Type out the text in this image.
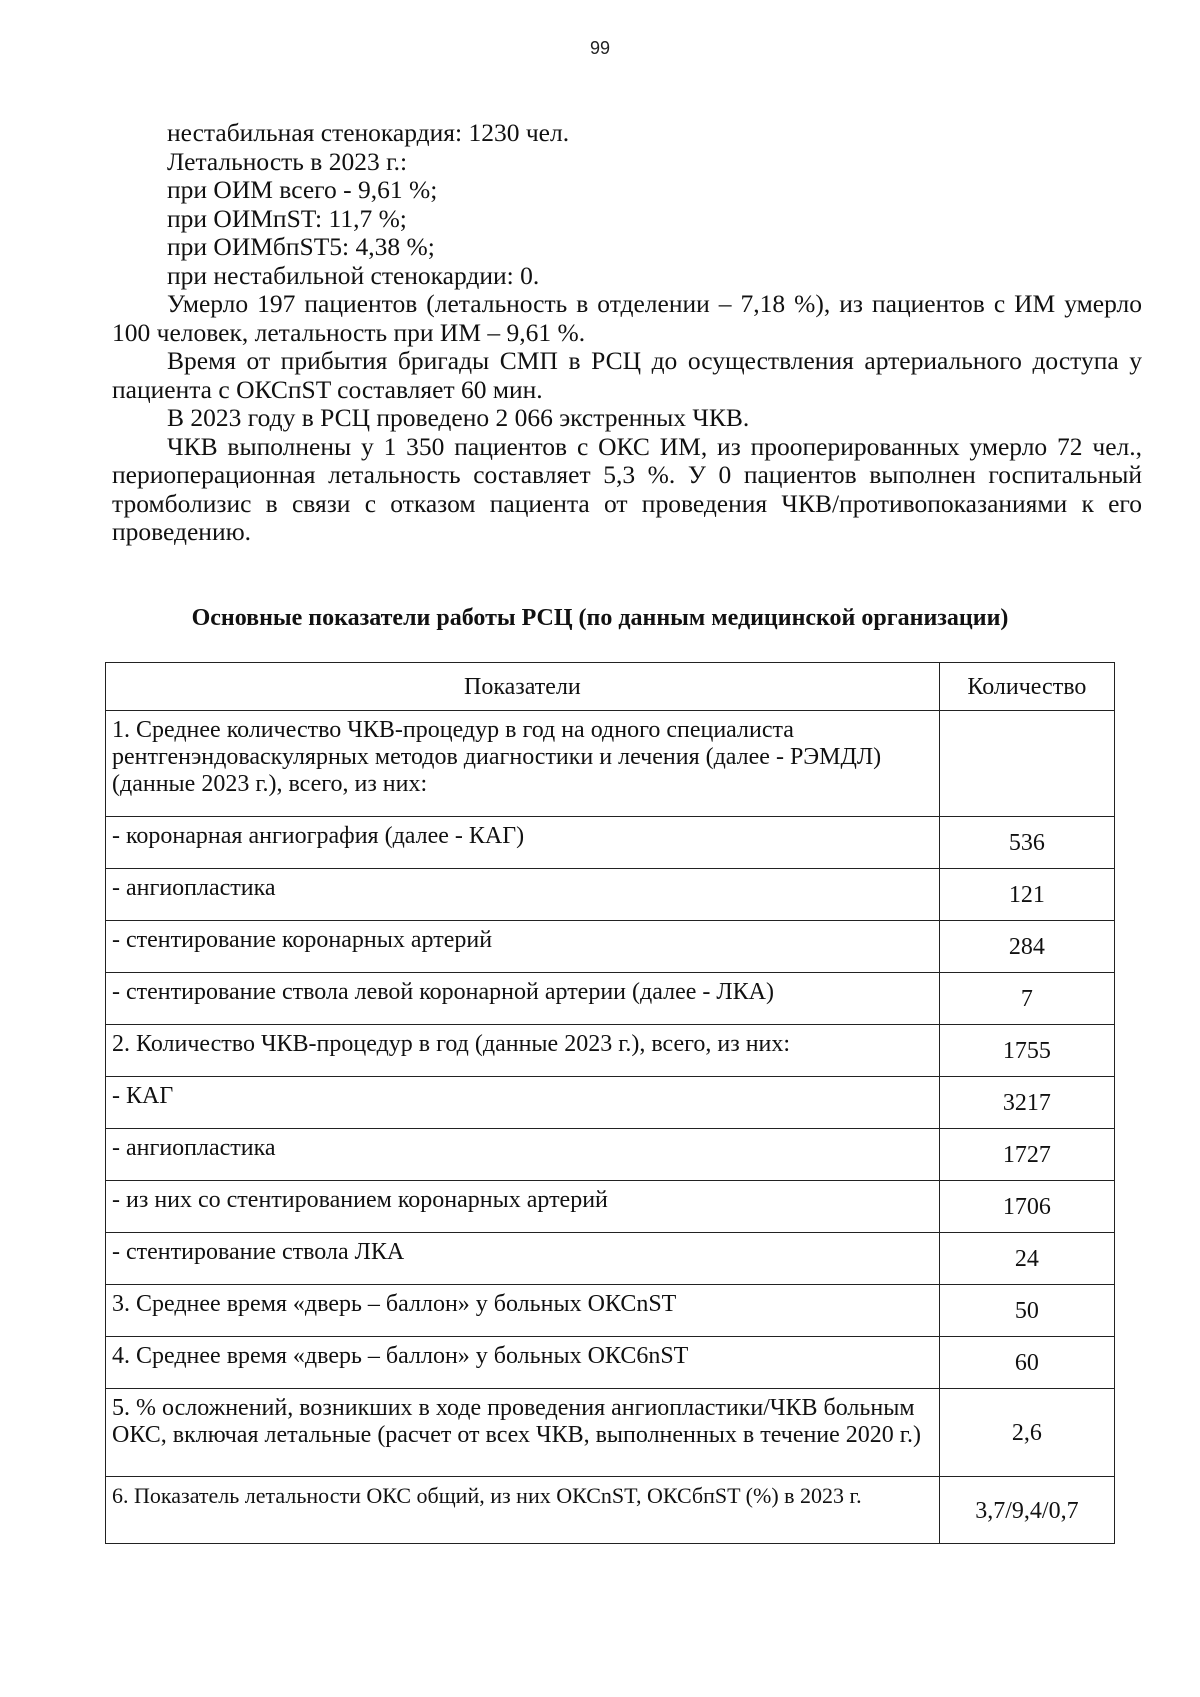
99

нестабильная стенокардия: 1230 чел.

Летальность в 2023 г.:

при ОИМ всего - 9,61 %;

при ОИМпST: 11,7 %;

при ОИМбпST5: 4,38 %;

при нестабильной стенокардии: 0.

Умерло 197 пациентов (летальность в отделении – 7,18 %), из пациентов с ИМ умерло 100 человек, летальность при ИМ – 9,61 %.

Время от прибытия бригады СМП в РСЦ до осуществления артериального доступа у пациента с ОКСпST составляет 60 мин.

В 2023 году в РСЦ проведено 2 066 экстренных ЧКВ.

ЧКВ выполнены у 1 350 пациентов с ОКС ИМ, из прооперированных умерло 72 чел., периоперационная летальность составляет 5,3 %. У 0 пациентов выполнен госпитальный тромболизис в связи с отказом пациента от проведения ЧКВ/противопоказаниями к его проведению.

Основные показатели работы РСЦ (по данным медицинской организации)
Показатели	Количество
1. Среднее количество ЧКВ-процедур в год на одного специалиста рентгенэндоваскулярных методов диагностики и лечения (далее - РЭМДЛ) (данные 2023 г.), всего, из них:	
- коронарная ангиография (далее - КАГ)	536
- ангиопластика	121
- стентирование коронарных артерий	284
- стентирование ствола левой коронарной артерии (далее - ЛКА)	7
2. Количество ЧКВ-процедур в год (данные 2023 г.), всего, из них:	1755
- КАГ	3217
- ангиопластика	1727
- из них со стентированием коронарных артерий	1706
- стентирование ствола ЛКА	24
3. Среднее время «дверь – баллон» у больных ОКСnST	50
4. Среднее время «дверь – баллон» у больных ОКС6nST	60
5. % осложнений, возникших в ходе проведения ангиопластики/ЧКВ больным ОКС, включая летальные (расчет от всех ЧКВ, выполненных в течение 2020 г.)	2,6
6. Показатель летальности ОКС общий, из них ОКСnST, ОКСбпST (%) в 2023 г.	3,7/9,4/0,7
